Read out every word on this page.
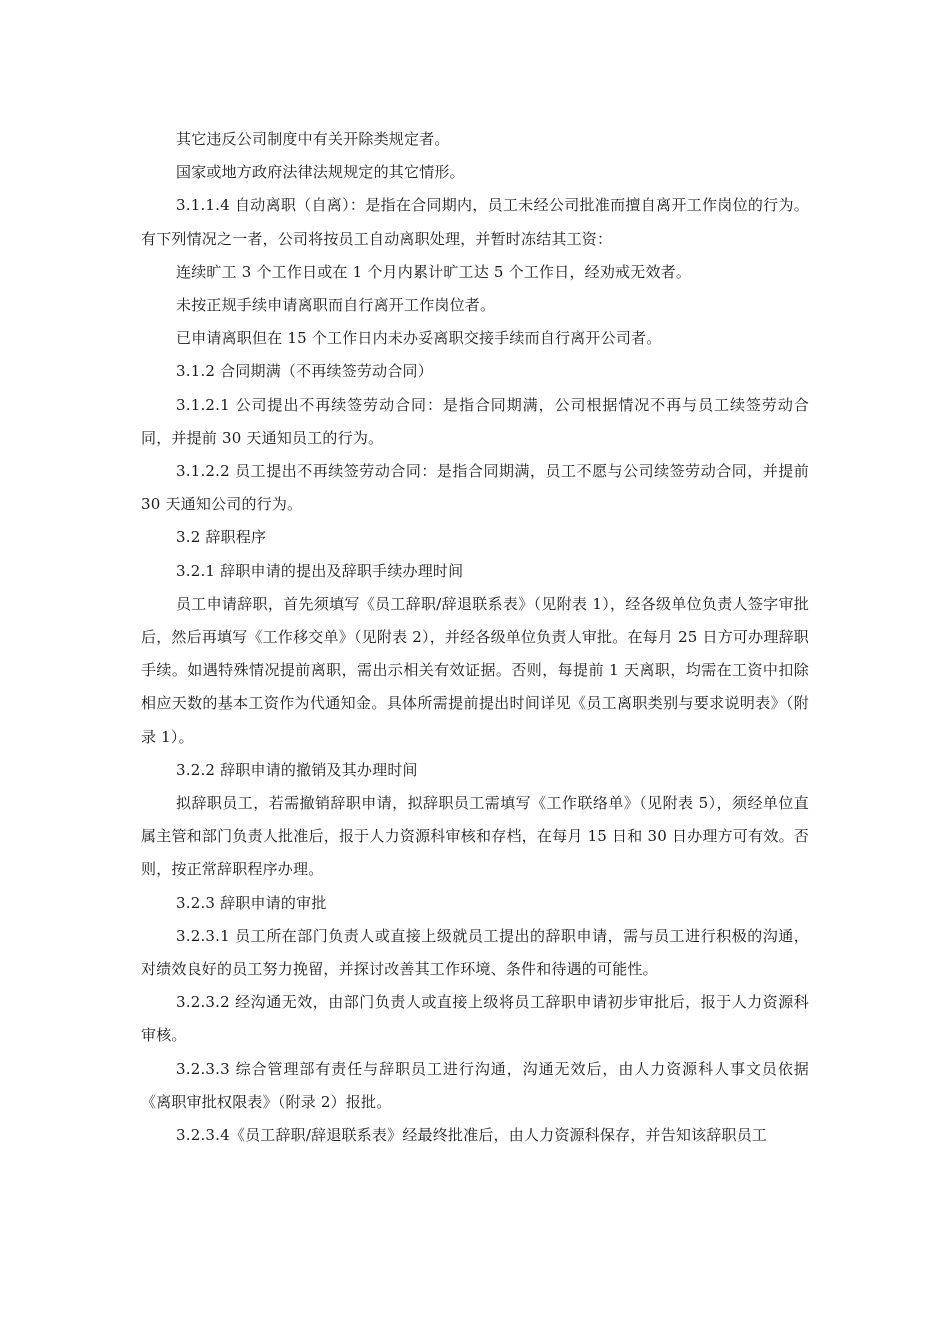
其它违反公司制度中有关开除类规定者。

国家或地方政府法律法规规定的其它情形。

3.1.1.4 自动离职（自离）：是指在合同期内，员工未经公司批准而擅自离开工作岗位的行为。有下列情况之一者，公司将按员工自动离职处理，并暂时冻结其工资：

连续旷工 3 个工作日或在 1 个月内累计旷工达 5 个工作日，经劝戒无效者。

未按正规手续申请离职而自行离开工作岗位者。

已申请离职但在 15 个工作日内未办妥离职交接手续而自行离开公司者。

3.1.2 合同期满（不再续签劳动合同）

3.1.2.1 公司提出不再续签劳动合同：是指合同期满，公司根据情况不再与员工续签劳动合同，并提前 30 天通知员工的行为。

3.1.2.2 员工提出不再续签劳动合同：是指合同期满，员工不愿与公司续签劳动合同，并提前 30 天通知公司的行为。

3.2 辞职程序

3.2.1 辞职申请的提出及辞职手续办理时间

员工申请辞职，首先须填写《员工辞职/辞退联系表》（见附表 1），经各级单位负责人签字审批后，然后再填写《工作移交单》（见附表 2），并经各级单位负责人审批。在每月 25 日方可办理辞职手续。如遇特殊情况提前离职，需出示相关有效证据。否则，每提前 1 天离职，均需在工资中扣除相应天数的基本工资作为代通知金。具体所需提前提出时间详见《员工离职类别与要求说明表》（附录 1）。

3.2.2 辞职申请的撤销及其办理时间

拟辞职员工，若需撤销辞职申请，拟辞职员工需填写《工作联络单》（见附表 5），须经单位直属主管和部门负责人批准后，报于人力资源科审核和存档，在每月 15 日和 30 日办理方可有效。否则，按正常辞职程序办理。

3.2.3 辞职申请的审批

3.2.3.1 员工所在部门负责人或直接上级就员工提出的辞职申请，需与员工进行积极的沟通，对绩效良好的员工努力挽留，并探讨改善其工作环境、条件和待遇的可能性。

3.2.3.2 经沟通无效，由部门负责人或直接上级将员工辞职申请初步审批后，报于人力资源科审核。

3.2.3.3 综合管理部有责任与辞职员工进行沟通，沟通无效后，由人力资源科人事文员依据《离职审批权限表》（附录 2）报批。

3.2.3.4《员工辞职/辞退联系表》经最终批准后，由人力资源科保存，并告知该辞职员工
